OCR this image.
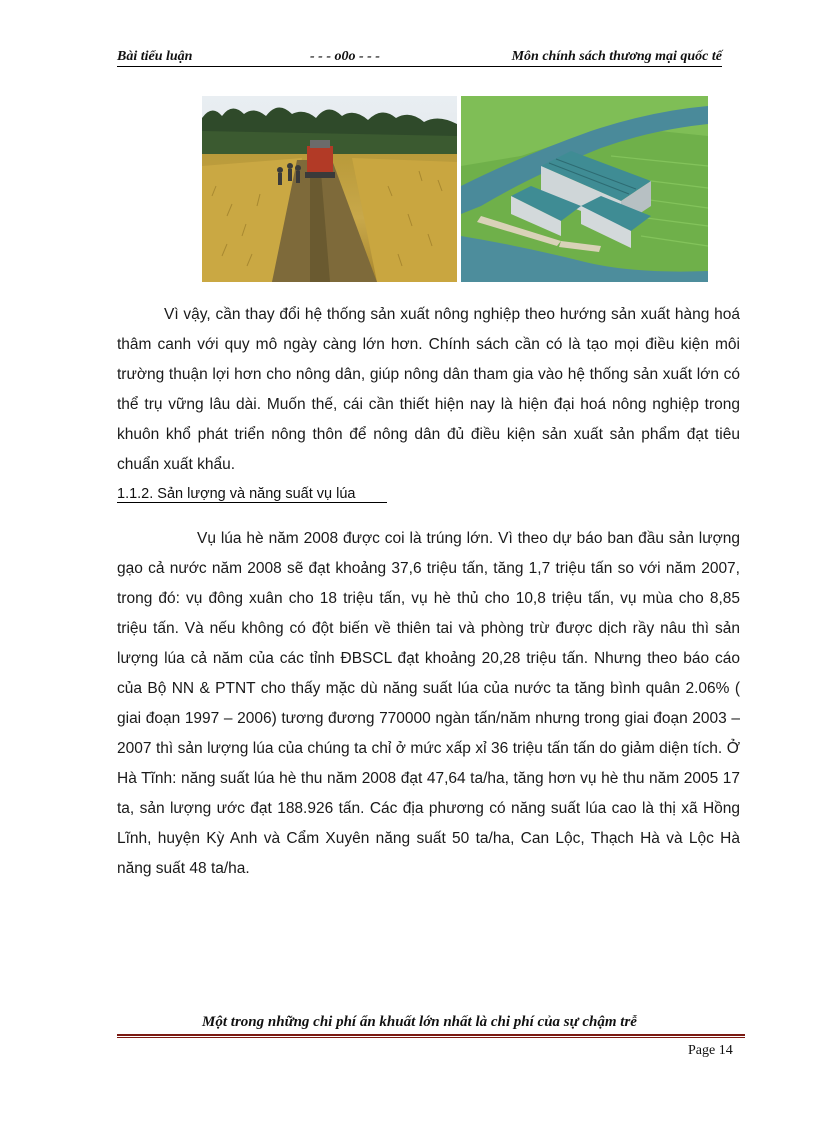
Bài tiểu luận	- - - o0o - - -	Môn chính sách thương mại quốc tế
Vì vậy, cần thay đổi hệ thống sản xuất nông nghiệp theo hướng sản xuất hàng hoá thâm canh với quy mô ngày càng lớn hơn. Chính sách cần có là tạo mọi điều kiện môi trường thuận lợi hơn cho nông dân, giúp nông dân tham gia vào hệ thống sản xuất lớn có thể trụ vững lâu dài. Muốn thế, cái cần thiết hiện nay là hiện đại hoá nông nghiệp trong khuôn khổ phát triển nông thôn để nông dân đủ điều kiện sản xuất sản phẩm đạt tiêu chuẩn xuất khẩu.
1.1.2. Sản lượng và năng suất vụ lúa
Vụ lúa hè năm 2008 được coi là trúng lớn. Vì theo dự báo ban đầu sản lượng gạo cả nước năm 2008 sẽ đạt khoảng 37,6 triệu tấn, tăng 1,7 triệu tấn so với năm 2007, trong đó: vụ đông xuân cho 18 triệu tấn, vụ hè thủ cho 10,8 triệu tấn, vụ mùa cho 8,85 triệu tấn. Và nếu không có đột biến về thiên tai và phòng trừ được dịch rầy nâu thì sản lượng lúa cả năm của các tỉnh ĐBSCL đạt khoảng 20,28 triệu tấn. Nhưng theo báo cáo của Bộ NN & PTNT cho thấy mặc dù năng suất lúa của nước ta tăng bình quân 2.06% ( giai đoạn 1997 – 2006) tương đương 770000 ngàn tấn/năm nhưng trong giai đoạn 2003 – 2007 thì sản lượng lúa của chúng ta chỉ ở mức xấp xỉ 36 triệu tấn tấn do giảm diện tích. Ở Hà Tĩnh: năng suất lúa hè thu năm 2008 đạt 47,64 ta/ha, tăng hơn vụ hè thu năm 2005 17 ta, sản lượng ước đạt 188.926 tấn. Các địa phương có năng suất lúa cao là thị xã Hồng Lĩnh, huyện Kỳ Anh và Cẩm Xuyên năng suất 50 ta/ha, Can Lộc, Thạch Hà và Lộc Hà năng suất 48 ta/ha.
Một trong những chi phí ẩn khuất lớn nhất là chi phí của sự chậm trễ
Page 14
